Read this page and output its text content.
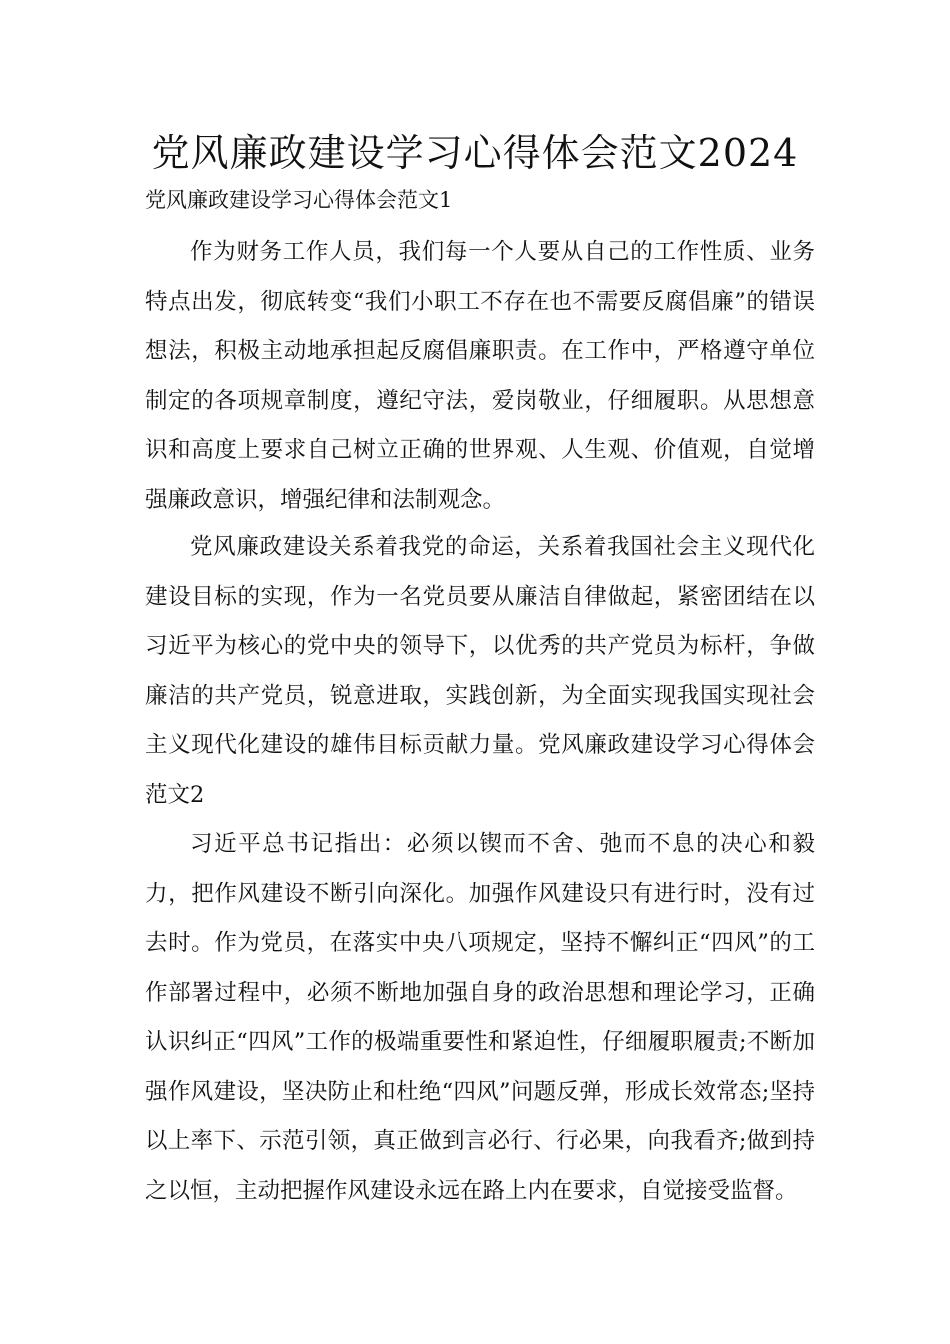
党风廉政建设学习心得体会范文2024

党风廉政建设学习心得体会范文1

作为财务工作人员，我们每一个人要从自己的工作性质、业务特点出发，彻底转变“我们小职工不存在也不需要反腐倡廉”的错误想法，积极主动地承担起反腐倡廉职责。在工作中，严格遵守单位制定的各项规章制度，遵纪守法，爱岗敬业，仔细履职。从思想意识和高度上要求自己树立正确的世界观、人生观、价值观，自觉增强廉政意识，增强纪律和法制观念。

党风廉政建设关系着我党的命运，关系着我国社会主义现代化建设目标的实现，作为一名党员要从廉洁自律做起，紧密团结在以习近平为核心的党中央的领导下，以优秀的共产党员为标杆，争做廉洁的共产党员，锐意进取，实践创新，为全面实现我国实现社会主义现代化建设的雄伟目标贡献力量。党风廉政建设学习心得体会范文2

习近平总书记指出：必须以锲而不舍、弛而不息的决心和毅力，把作风建设不断引向深化。加强作风建设只有进行时，没有过去时。作为党员，在落实中央八项规定，坚持不懈纠正“四风”的工作部署过程中，必须不断地加强自身的政治思想和理论学习，正确认识纠正“四风”工作的极端重要性和紧迫性，仔细履职履责;不断加强作风建设，坚决防止和杜绝“四风”问题反弹，形成长效常态;坚持以上率下、示范引领，真正做到言必行、行必果，向我看齐;做到持之以恒，主动把握作风建设永远在路上内在要求，自觉接受监督。
